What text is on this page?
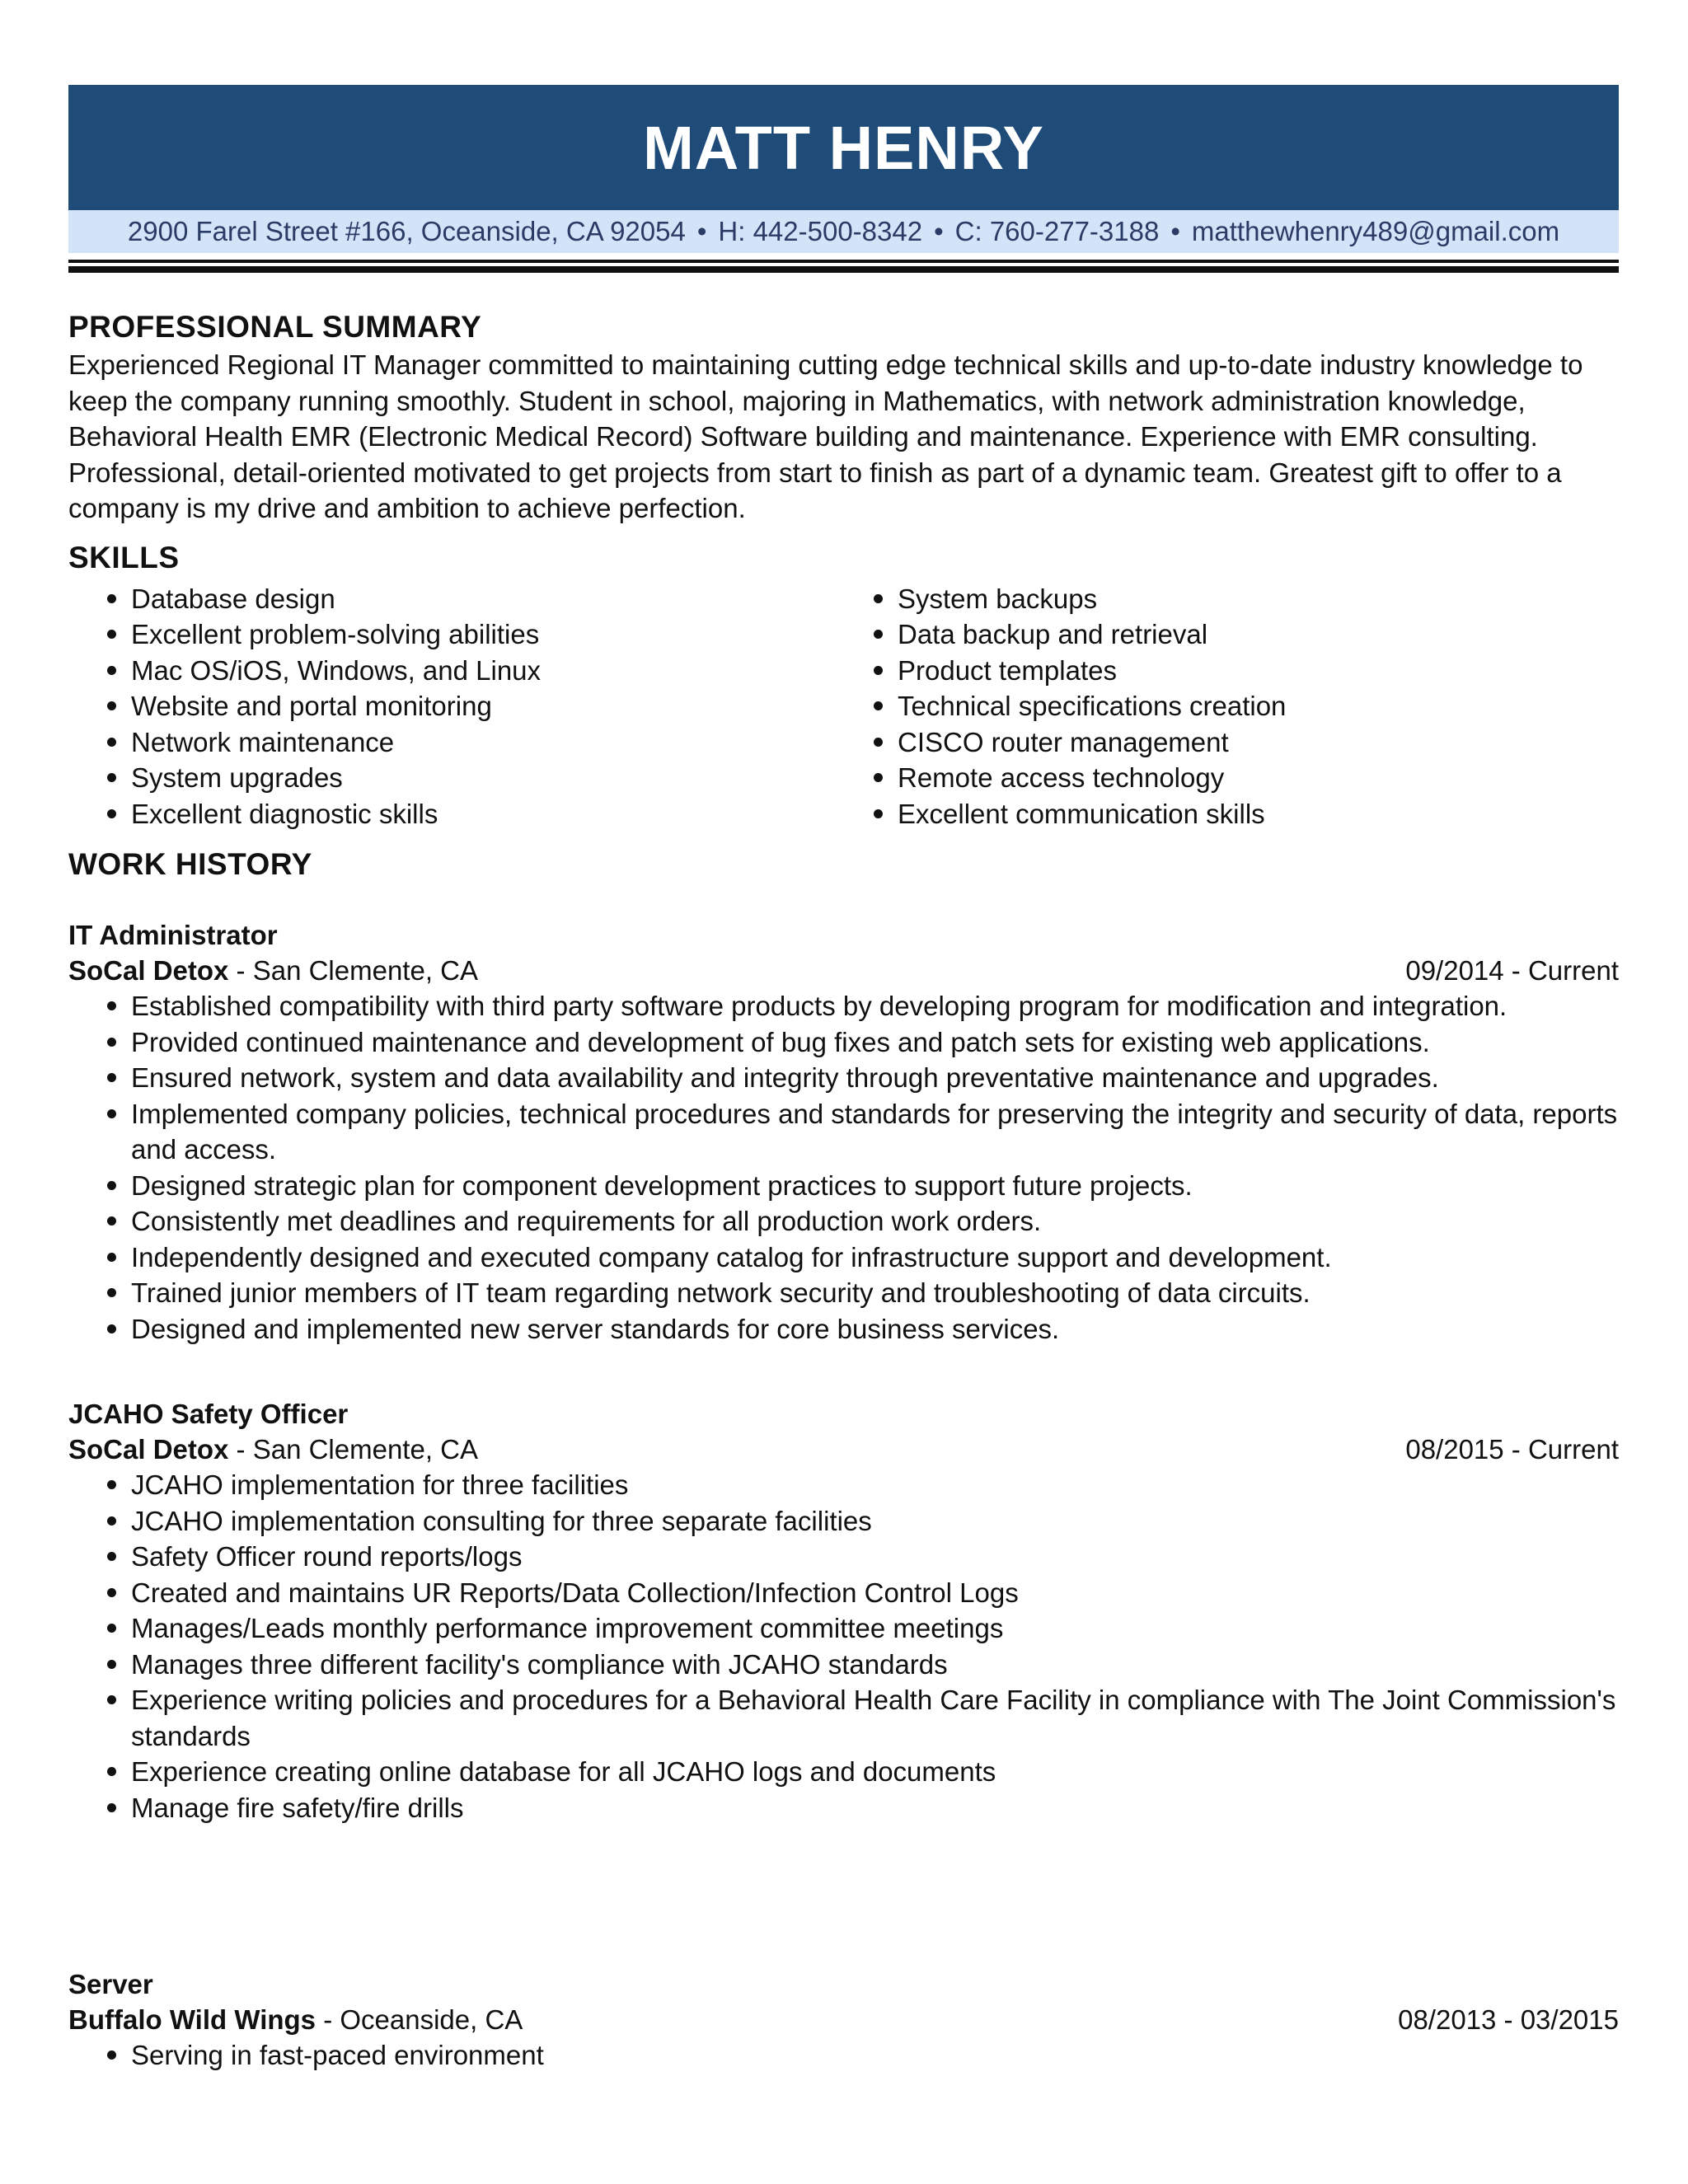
MATT HENRY
2900 Farel Street #166, Oceanside, CA 92054 • H: 442-500-8342 • C: 760-277-3188 • matthewhenry489@gmail.com
PROFESSIONAL SUMMARY

Experienced Regional IT Manager committed to maintaining cutting edge technical skills and up-to-date industry knowledge to keep the company running smoothly. Student in school, majoring in Mathematics, with network administration knowledge, Behavioral Health EMR (Electronic Medical Record) Software building and maintenance. Experience with EMR consulting. Professional, detail-oriented motivated to get projects from start to finish as part of a dynamic team. Greatest gift to offer to a company is my drive and ambition to achieve perfection.

SKILLS
Database design
Excellent problem-solving abilities
Mac OS/iOS, Windows, and Linux
Website and portal monitoring
Network maintenance
System upgrades
Excellent diagnostic skills
System backups
Data backup and retrieval
Product templates
Technical specifications creation
CISCO router management
Remote access technology
Excellent communication skills
WORK HISTORY
IT Administrator
SoCal Detox - San Clemente, CA	09/2014 - Current
Established compatibility with third party software products by developing program for modification and integration.
Provided continued maintenance and development of bug fixes and patch sets for existing web applications.
Ensured network, system and data availability and integrity through preventative maintenance and upgrades.
Implemented company policies, technical procedures and standards for preserving the integrity and security of data, reports and access.
Designed strategic plan for component development practices to support future projects.
Consistently met deadlines and requirements for all production work orders.
Independently designed and executed company catalog for infrastructure support and development.
Trained junior members of IT team regarding network security and troubleshooting of data circuits.
Designed and implemented new server standards for core business services.
JCAHO Safety Officer
SoCal Detox - San Clemente, CA	08/2015 - Current
JCAHO implementation for three facilities
JCAHO implementation consulting for three separate facilities
Safety Officer round reports/logs
Created and maintains UR Reports/Data Collection/Infection Control Logs
Manages/Leads monthly performance improvement committee meetings
Manages three different facility's compliance with JCAHO standards
Experience writing policies and procedures for a Behavioral Health Care Facility in compliance with The Joint Commission's standards
Experience creating online database for all JCAHO logs and documents
Manage fire safety/fire drills
Server
Buffalo Wild Wings - Oceanside, CA	08/2013 - 03/2015
Serving in fast-paced environment
